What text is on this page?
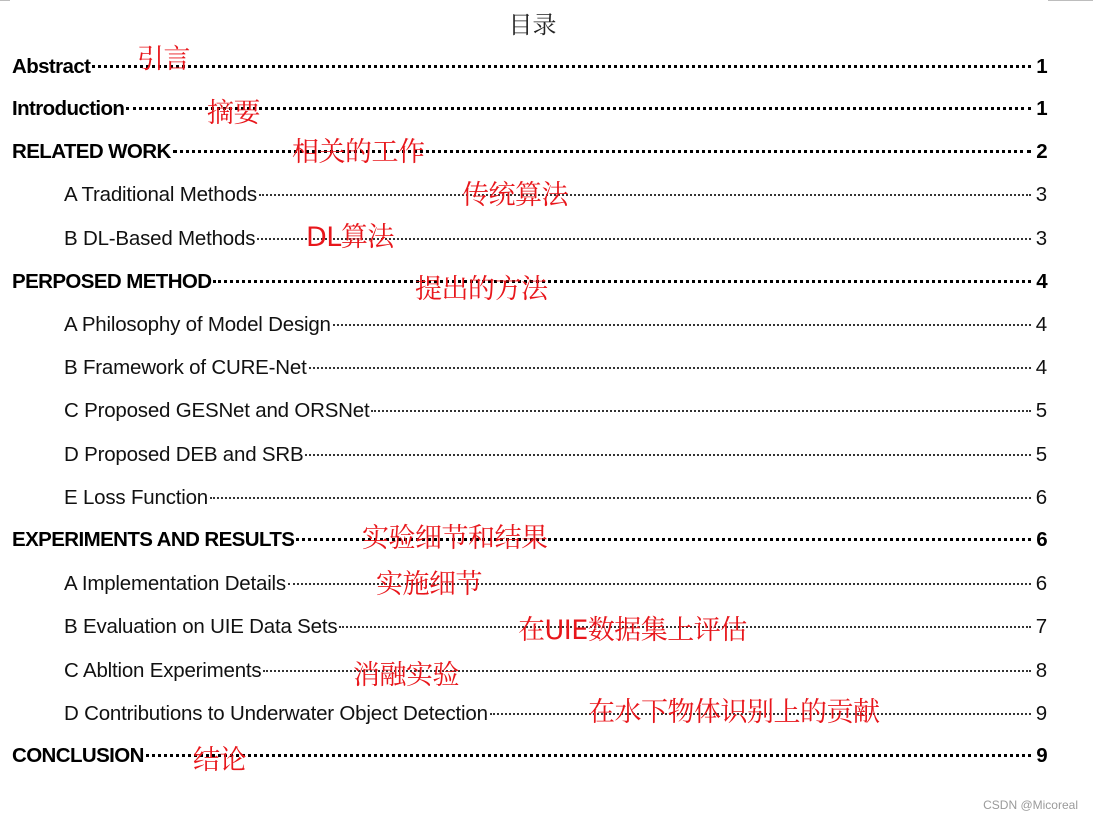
目录
Abstract	1
引言
Introduction	1
摘要
RELATED WORK	2
相关的工作
A Traditional Methods	3
传统算法
B DL-Based Methods	3
DL算法
PERPOSED METHOD	4
提出的方法
A Philosophy of Model Design	4
B Framework of CURE-Net	4
C Proposed GESNet and ORSNet	5
D Proposed DEB and SRB	5
E Loss Function	6
EXPERIMENTS AND RESULTS	6
实验细节和结果
A Implementation Details	6
实施细节
B Evaluation on UIE Data Sets	7
在UIE数据集上评估
C Abltion Experiments	8
消融实验
D Contributions to Underwater Object Detection	9
在水下物体识别上的贡献
CONCLUSION	9
结论
CSDN @Micoreal
